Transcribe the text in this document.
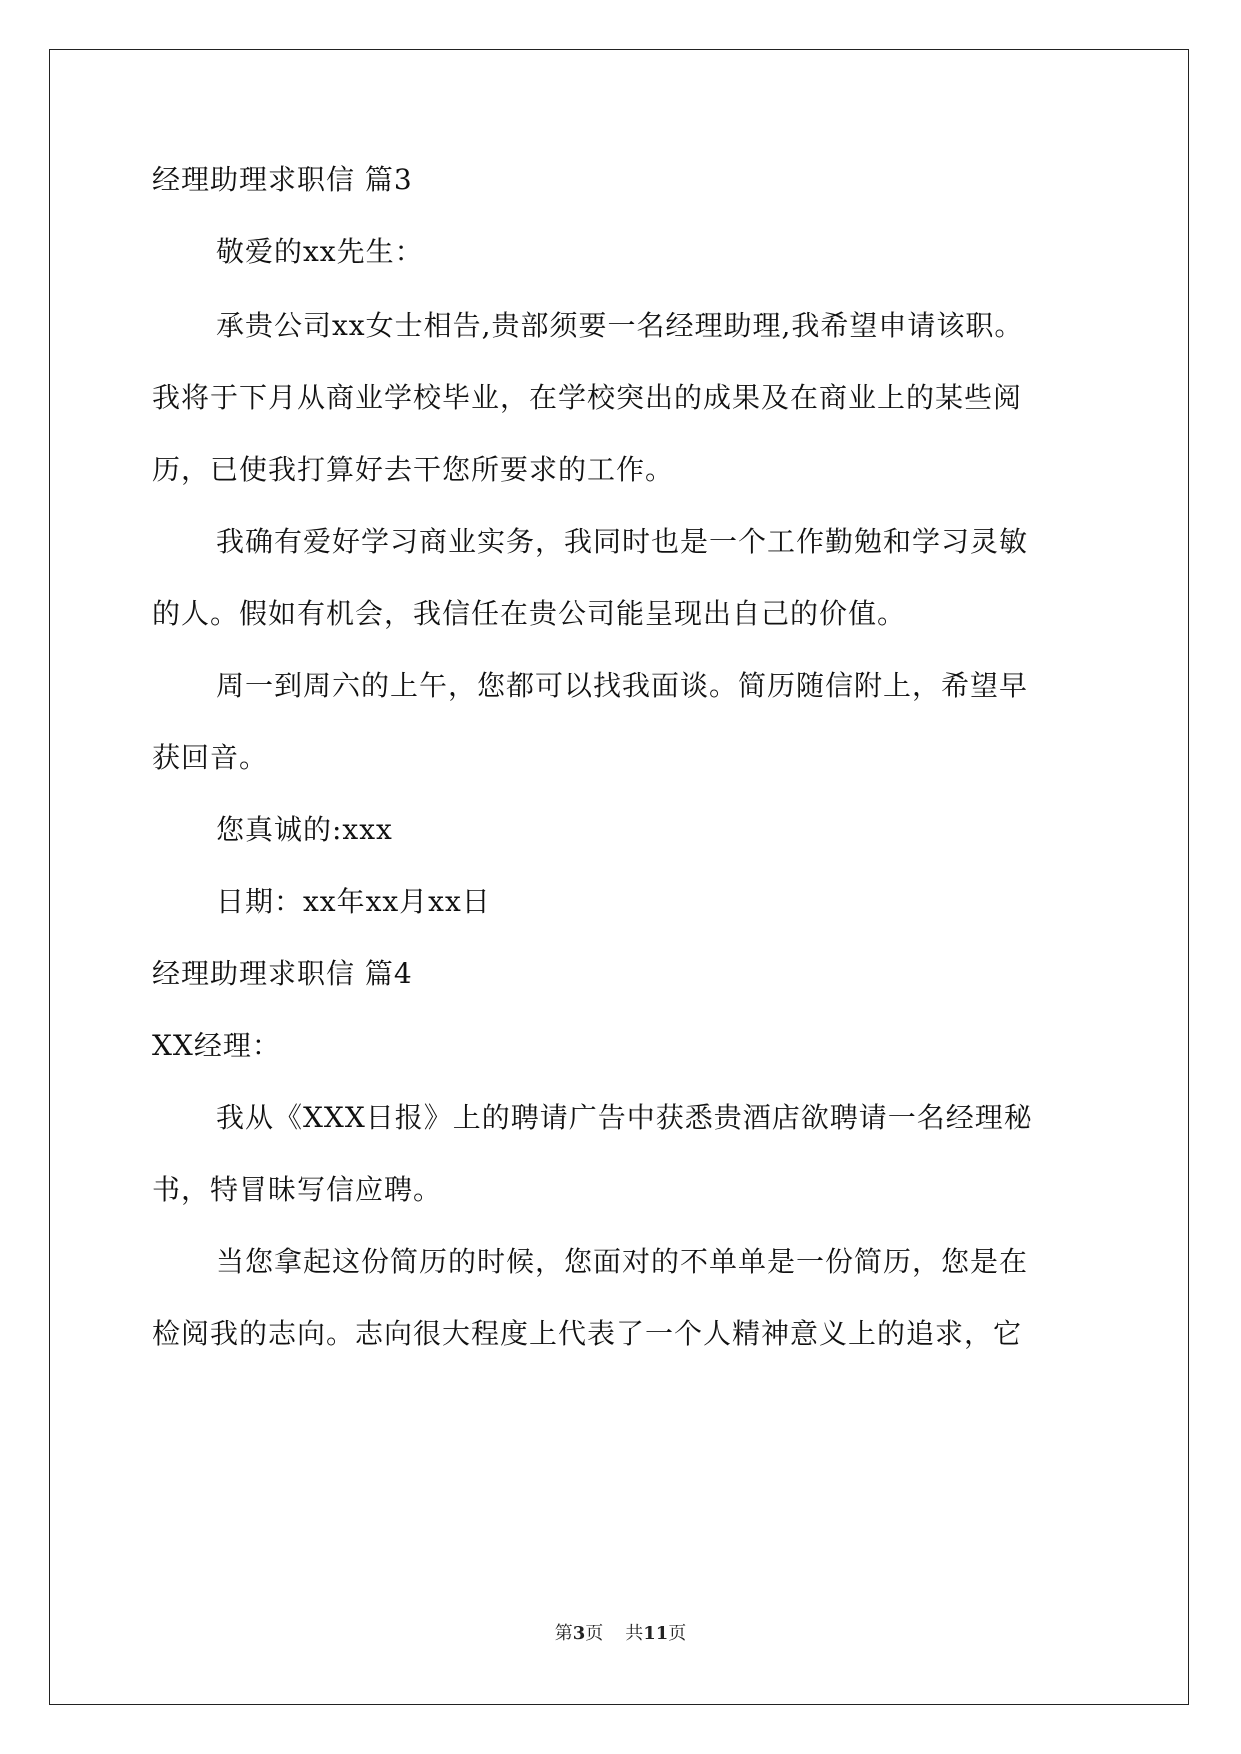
经理助理求职信 篇3
敬爱的xx先生：
承贵公司xx女士相告,贵部须要一名经理助理,我希望申请该职。
我将于下月从商业学校毕业，在学校突出的成果及在商业上的某些阅
历，已使我打算好去干您所要求的工作。
我确有爱好学习商业实务，我同时也是一个工作勤勉和学习灵敏
的人。假如有机会，我信任在贵公司能呈现出自己的价值。
周一到周六的上午，您都可以找我面谈。简历随信附上，希望早
获回音。
您真诚的:xxx
日期：xx年xx月xx日
经理助理求职信 篇4
XX经理：
我从《XXX日报》上的聘请广告中获悉贵酒店欲聘请一名经理秘
书，特冒昧写信应聘。
当您拿起这份简历的时候，您面对的不单单是一份简历，您是在
检阅我的志向。志向很大程度上代表了一个人精神意义上的追求，它
第3页 共11页
